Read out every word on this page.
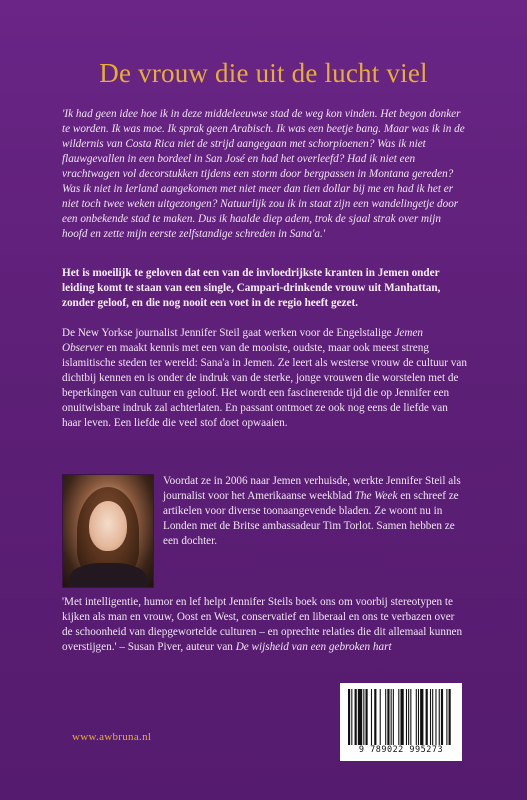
De vrouw die uit de lucht viel

'Ik had geen idee hoe ik in deze middeleeuwse stad de weg kon vinden. Het begon donker te worden. Ik was moe. Ik sprak geen Arabisch. Ik was een beetje bang. Maar was ik in de wildernis van Costa Rica niet de strijd aangegaan met schorpioenen? Was ik niet flauwgevallen in een bordeel in San José en had het overleefd? Had ik niet een vrachtwagen vol decorstukken tijdens een storm door bergpassen in Montana gereden? Was ik niet in Ierland aangekomen met niet meer dan tien dollar bij me en had ik het er niet toch twee weken uitgezongen? Natuurlijk zou ik in staat zijn een wandelingetje door een onbekende stad te maken. Dus ik haalde diep adem, trok de sjaal strak over mijn hoofd en zette mijn eerste zelfstandige schreden in Sana'a.'

Het is moeilijk te geloven dat een van de invloedrijkste kranten in Jemen onder leiding komt te staan van een single, Campari-drinkende vrouw uit Manhattan, zonder geloof, en die nog nooit een voet in de regio heeft gezet.

De New Yorkse journalist Jennifer Steil gaat werken voor de Engelstalige Jemen Observer en maakt kennis met een van de mooiste, oudste, maar ook meest streng islamitische steden ter wereld: Sana'a in Jemen. Ze leert als westerse vrouw de cultuur van dichtbij kennen en is onder de indruk van de sterke, jonge vrouwen die worstelen met de beperkingen van cultuur en geloof. Het wordt een fascinerende tijd die op Jennifer een onuitwisbare indruk zal achterlaten. En passant ontmoet ze ook nog eens de liefde van haar leven. Een liefde die veel stof doet opwaaien.

Voordat ze in 2006 naar Jemen verhuisde, werkte Jennifer Steil als journalist voor het Amerikaanse weekblad The Week en schreef ze artikelen voor diverse toonaangevende bladen. Ze woont nu in Londen met de Britse ambassadeur Tim Torlot. Samen hebben ze een dochter.

'Met intelligentie, humor en lef helpt Jennifer Steils boek ons om voorbij stereotypen te kijken als man en vrouw, Oost en West, conservatief en liberaal en ons te verbazen over de schoonheid van diepgewortelde culturen – en oprechte relaties die dit allemaal kunnen overstijgen.' – Susan Piver, auteur van De wijsheid van een gebroken hart

www.awbruna.nl
9 789022 995273
